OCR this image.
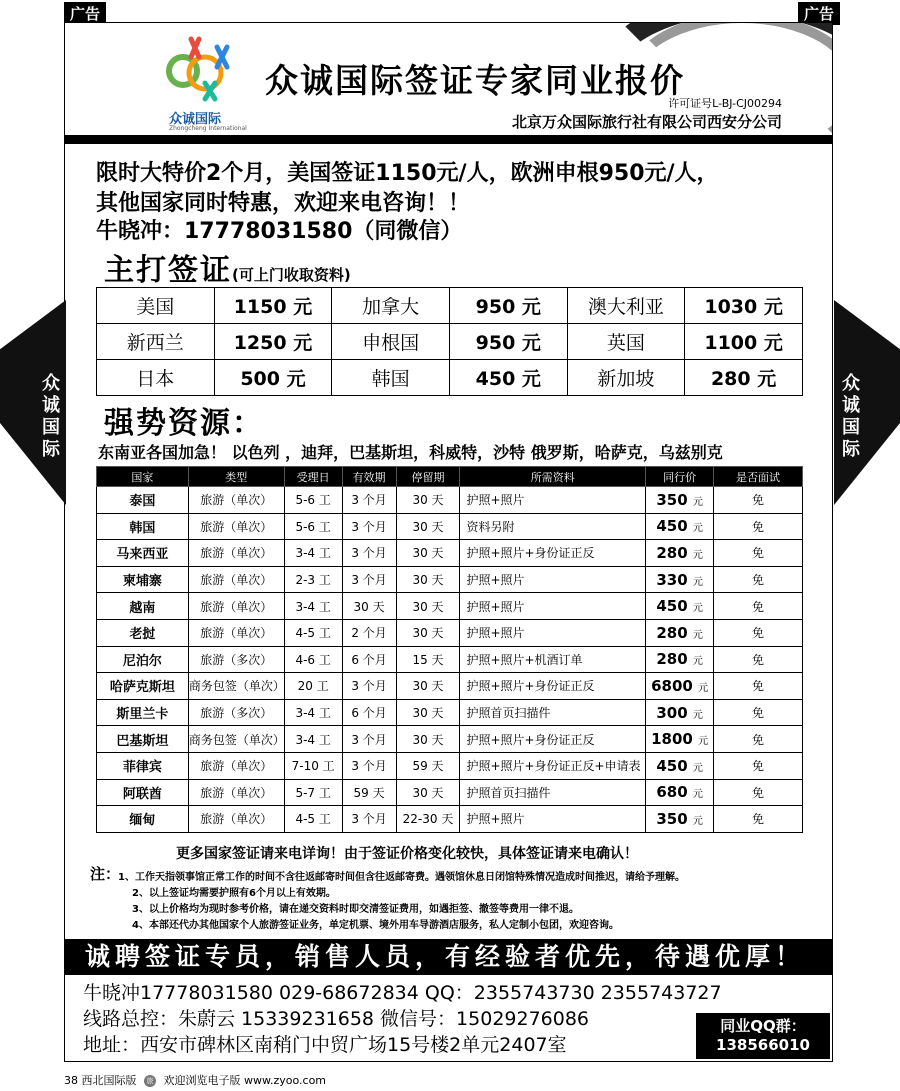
广告	广告
众诚国际
Zhongcheng International
众诚国际签证专家同业报价
许可证号L-BJ-CJ00294
北京万众国际旅行社有限公司西安分公司
众诚国际
众诚国际
限时大特价2个月，美国签证1150元/人，欧洲申根950元/人，
其他国家同时特惠，欢迎来电咨询！！
牛晓冲：17778031580（同微信）
主打签证(可上门收取资料)
美国	1150 元	加拿大	950 元	澳大利亚	1030 元
新西兰	1250 元	申根国	950 元	英国	1100 元
日本	500 元	韩国	450 元	新加坡	280 元
强势资源：
东南亚各国加急！ 以色列 ，迪拜，巴基斯坦，科威特，沙特 俄罗斯，哈萨克，乌兹别克
国家	类型	受理日	有效期	停留期	所需资料	同行价	是否面试
泰国	旅游（单次）	5-6 工	3 个月	30 天	护照+照片	350 元	免
韩国	旅游（单次）	5-6 工	3 个月	30 天	资料另附	450 元	免
马来西亚	旅游（单次）	3-4 工	3 个月	30 天	护照+照片+身份证正反	280 元	免
柬埔寨	旅游（单次）	2-3 工	3 个月	30 天	护照+照片	330 元	免
越南	旅游（单次）	3-4 工	30 天	30 天	护照+照片	450 元	免
老挝	旅游（单次）	4-5 工	2 个月	30 天	护照+照片	280 元	免
尼泊尔	旅游（多次）	4-6 工	6 个月	15 天	护照+照片+机酒订单	280 元	免
哈萨克斯坦	商务包签（单次）	20 工	3 个月	30 天	护照+照片+身份证正反	6800 元	免
斯里兰卡	旅游（多次）	3-4 工	6 个月	30 天	护照首页扫描件	300 元	免
巴基斯坦	商务包签（单次）	3-4 工	3 个月	30 天	护照+照片+身份证正反	1800 元	免
菲律宾	旅游（单次）	7-10 工	3 个月	59 天	护照+照片+身份证正反+申请表	450 元	免
阿联酋	旅游（单次）	5-7 工	59 天	30 天	护照首页扫描件	680 元	免
缅甸	旅游（单次）	4-5 工	3 个月	22-30 天	护照+照片	350 元	免
更多国家签证请来电详询！由于签证价格变化较快，具体签证请来电确认！
注：
1、工作天指领事馆正常工作的时间不含往返邮寄时间但含往返邮寄费。遇领馆休息日闭馆特殊情况造成时间推迟，请给予理解。
2、以上签证均需要护照有6个月以上有效期。
3、以上价格均为现时参考价格，请在递交资料时即交清签证费用，如遇拒签、撤签等费用一律不退。
4、本部还代办其他国家个人旅游签证业务，单定机票、境外用车导游酒店服务，私人定制小包团，欢迎咨询。
诚聘签证专员，销售人员，有经验者优先，待遇优厚！
牛晓冲17778031580 029-68672834 QQ：2355743730 2355743727
线路总控：朱蔚云 15339231658 微信号：15029276086
地址：西安市碑林区南稍门中贸广场15号楼2单元2407室
同业QQ群：
138566010
38 西北国际版 旅 欢迎浏览电子版 www.zyoo.com
